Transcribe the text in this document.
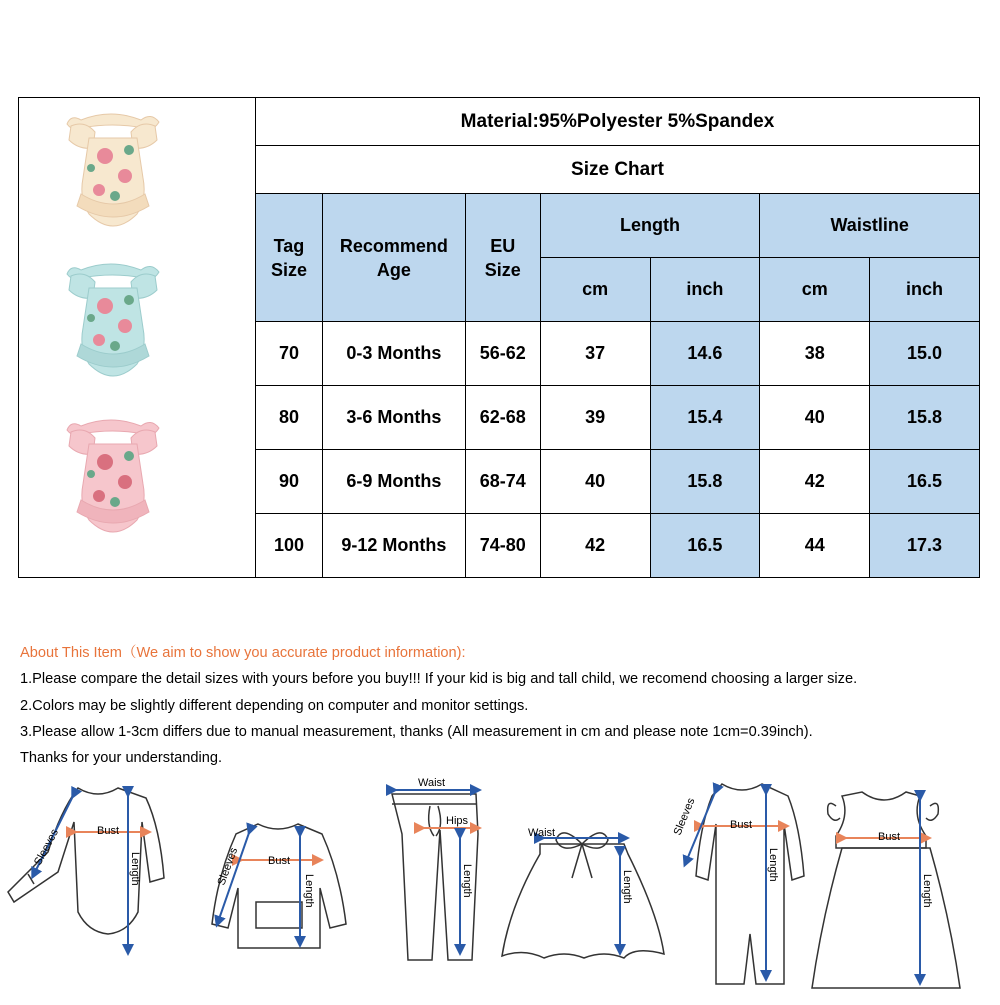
Material:95%Polyester 5%Spandex						
Size Chart						

Tag Size	Recommend Age	EU Size	Length		Waistline	
			cm	inch	cm	inch
70	0-3 Months	56-62	37	14.6	38	15.0
80	3-6 Months	62-68	39	15.4	40	15.8
90	6-9 Months	68-74	40	15.8	42	16.5
100	9-12 Months	74-80	42	16.5	44	17.3
About This Item（We aim to show you accurate product information):
1.Please compare the detail sizes with yours before you buy!!! If your kid is big and tall child, we recomend choosing a larger size.
2.Colors may be slightly different depending on computer and monitor settings.
3.Please allow 1-3cm differs due to manual measurement, thanks (All measurement in cm and please note 1cm=0.39inch).
Thanks for your understanding.
Bust
Length
Sleeves	Bust
Length
Sleeves
Waist
Hips
Length
Waist
Length
Bust
Length
Sleeves	Bust
Length
